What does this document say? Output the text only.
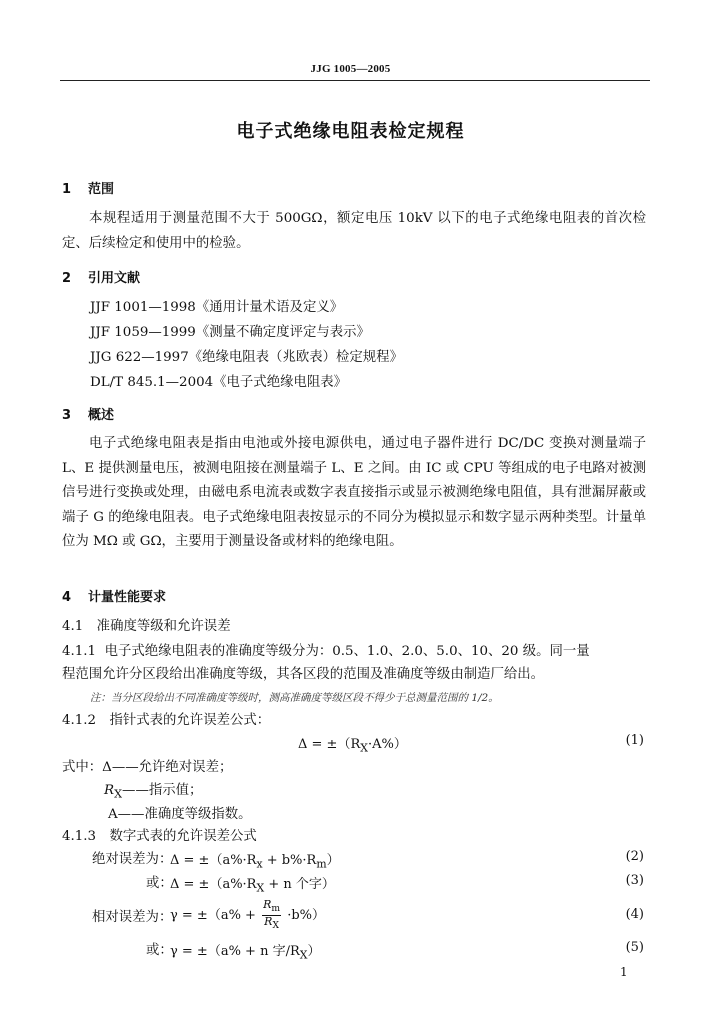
JJG 1005—2005
电子式绝缘电阻表检定规程
1 范围
本规程适用于测量范围不大于 500GΩ，额定电压 10kV 以下的电子式绝缘电阻表的首次检定、后续检定和使用中的检验。
2 引用文献
JJF 1001—1998《通用计量术语及定义》
JJF 1059—1999《测量不确定度评定与表示》
JJG 622—1997《绝缘电阻表（兆欧表）检定规程》
DL/T 845.1—2004《电子式绝缘电阻表》
3 概述
电子式绝缘电阻表是指由电池或外接电源供电，通过电子器件进行 DC/DC 变换对测量端子 L、E 提供测量电压，被测电阻接在测量端子 L、E 之间。由 IC 或 CPU 等组成的电子电路对被测信号进行变换或处理，由磁电系电流表或数字表直接指示或显示被测绝缘电阻值，具有泄漏屏蔽或端子 G 的绝缘电阻表。电子式绝缘电阻表按显示的不同分为模拟显示和数字显示两种类型。计量单位为 MΩ 或 GΩ，主要用于测量设备或材料的绝缘电阻。
4 计量性能要求
4.1　准确度等级和允许误差
4.1.1 电子式绝缘电阻表的准确度等级分为：0.5、1.0、2.0、5.0、10、20 级。同一量
程范围允许分区段给出准确度等级，其各区段的范围及准确度等级由制造厂给出。
注：当分区段给出不同准确度等级时，测高准确度等级区段不得少于总测量范围的 1/2。
4.1.2　指针式表的允许误差公式：
$\Delta = \pm(R_X\cdot A\%)$	(1)
式中：Δ——允许绝对误差；
$R_X——$指示值；
A——准确度等级指数。
4.1.3　数字式表的允许误差公式
绝对误差为：
$\Delta = \pm(a\%\cdot R_x + b\%\cdot R_m)$	(2)
或：
$\Delta = \pm(a\%\cdot R_X + n$ 个字）	(3)
相对误差为：
$\gamma = \pm(a\% + \frac{R_m}{R_X} \cdot b\%)$	(4)
或：
γ = ±（a% + n 字$/R_X$）	(5)
1
